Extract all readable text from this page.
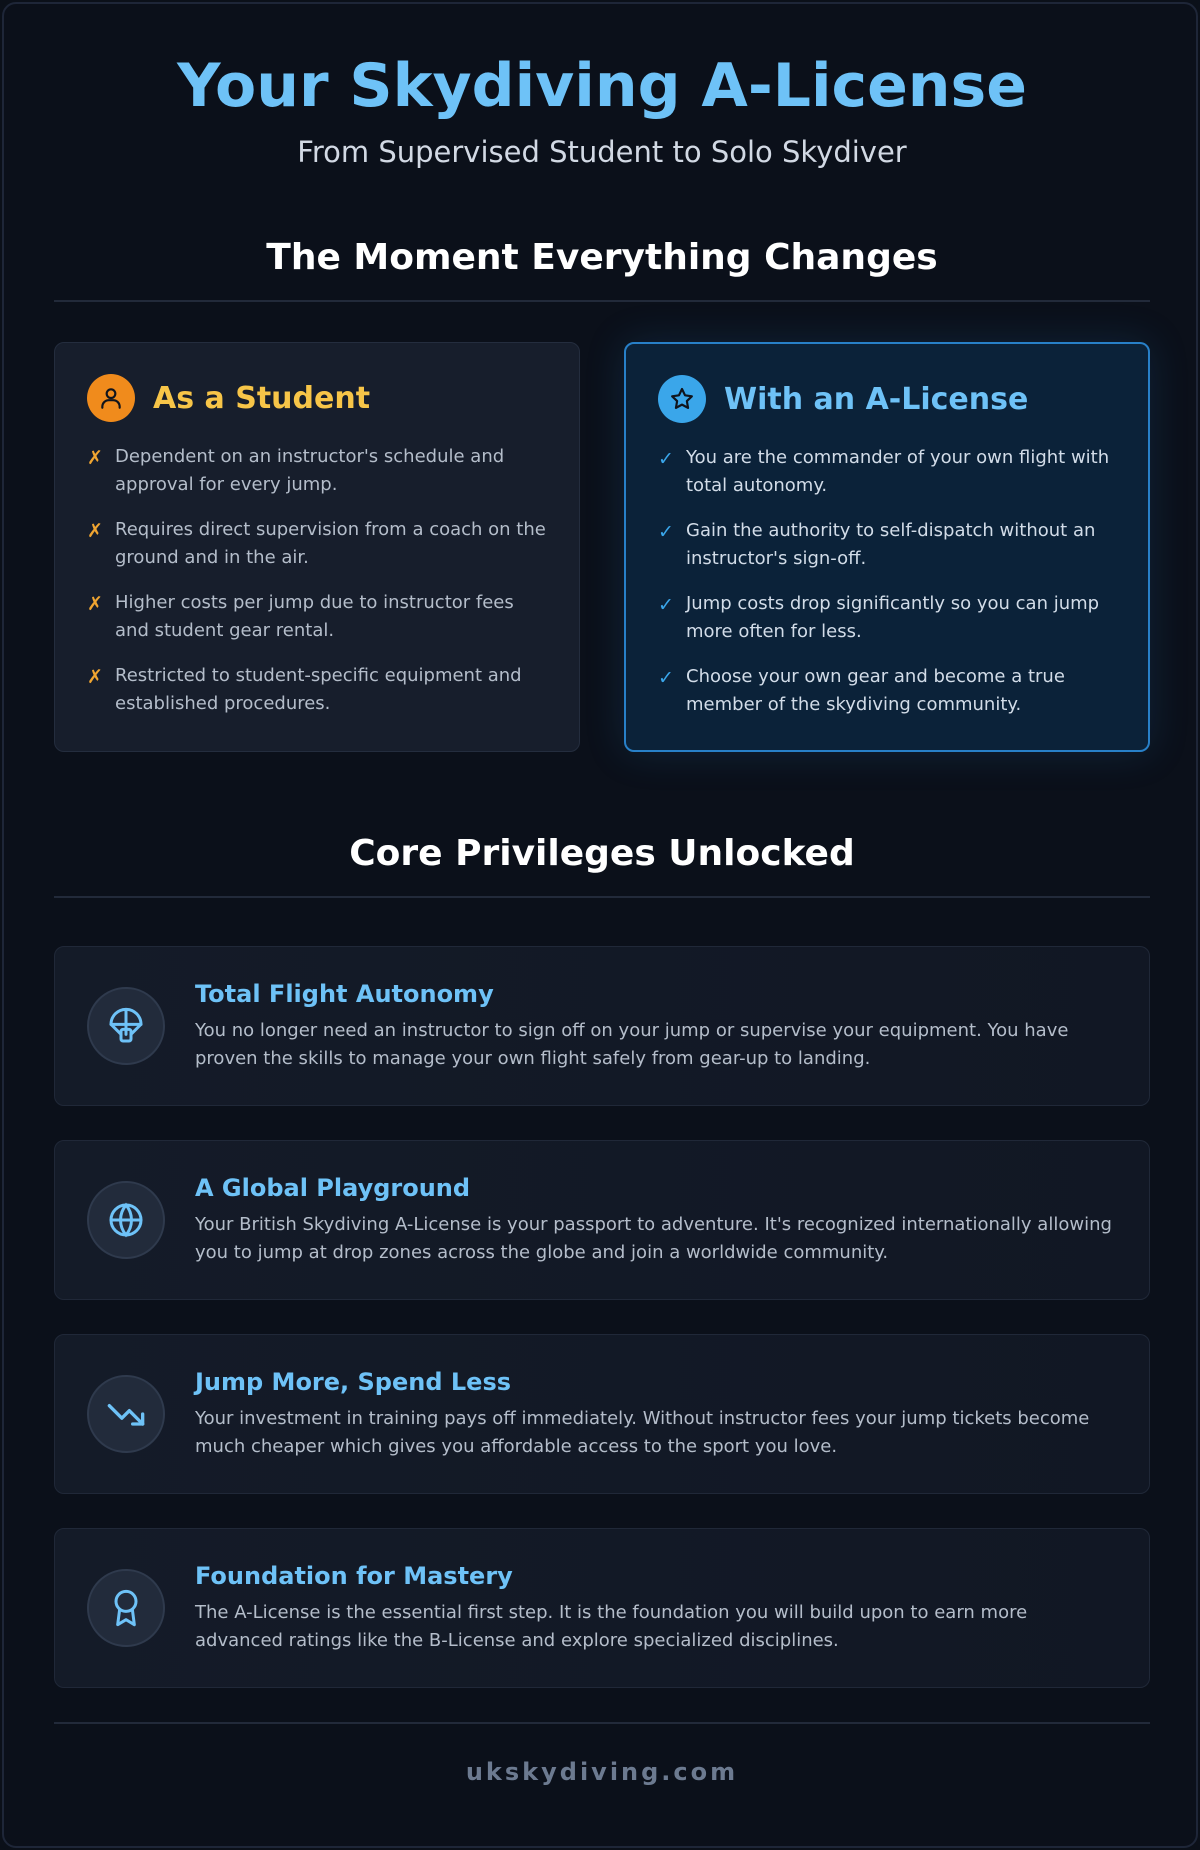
Your Skydiving A-License
From Supervised Student to Solo Skydiver
The Moment Everything Changes
As a Student
✗ Dependent on an instructor's schedule and approval for every jump.
✗ Requires direct supervision from a coach on the ground and in the air.
✗ Higher costs per jump due to instructor fees and student gear rental.
✗ Restricted to student-specific equipment and established procedures.
With an A-License
✓ You are the commander of your own flight with total autonomy.
✓ Gain the authority to self-dispatch without an instructor's sign-off.
✓ Jump costs drop significantly so you can jump more often for less.
✓ Choose your own gear and become a true member of the skydiving community.
Core Privileges Unlocked
Total Flight Autonomy
You no longer need an instructor to sign off on your jump or supervise your equipment. You have proven the skills to manage your own flight safely from gear-up to landing.
A Global Playground
Your British Skydiving A-License is your passport to adventure. It's recognized internationally allowing you to jump at drop zones across the globe and join a worldwide community.
Jump More, Spend Less
Your investment in training pays off immediately. Without instructor fees your jump tickets become much cheaper which gives you affordable access to the sport you love.
Foundation for Mastery
The A-License is the essential first step. It is the foundation you will build upon to earn more advanced ratings like the B-License and explore specialized disciplines.
ukskydiving.com
